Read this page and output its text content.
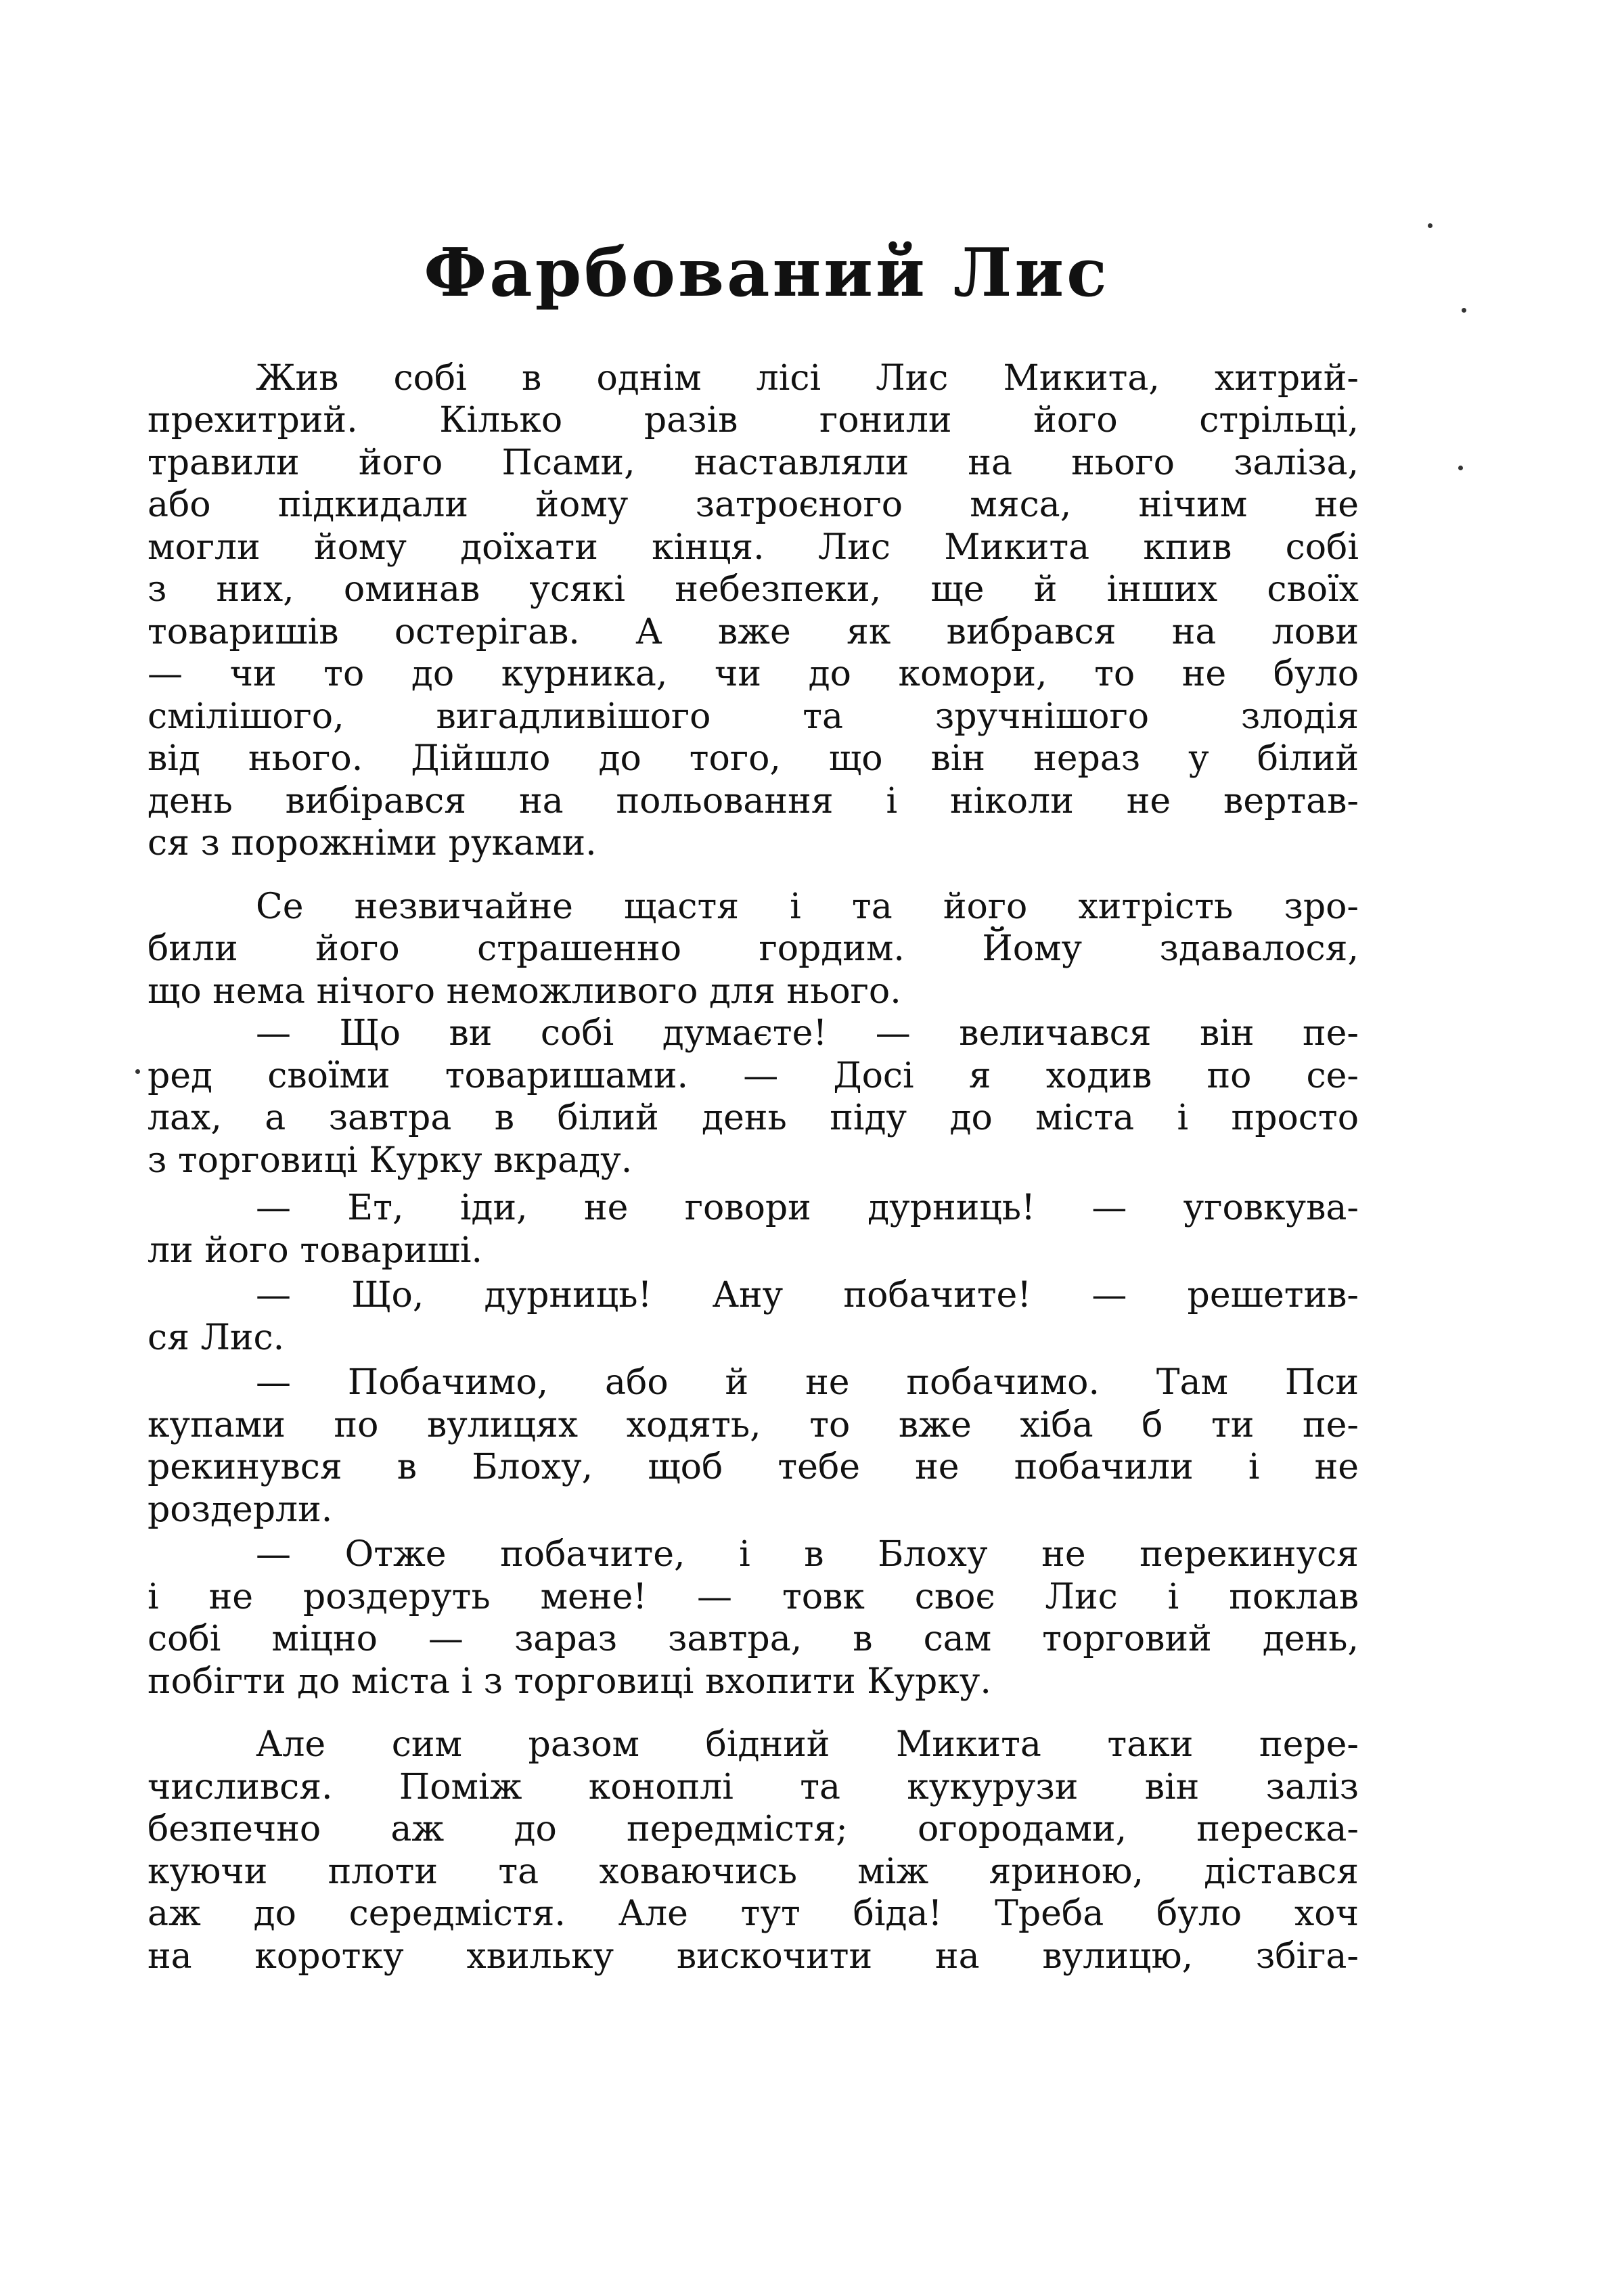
Фарбований Лис
Жив собі в однім лісі Лис Микита, хитрий-
прехитрий. Кілько разів гонили його стрільці,
травили його Псами, наставляли на нього заліза,
або підкидали йому затроєного мяса, нічим не
могли йому доїхати кінця. Лис Микита кпив собі
з них, оминав усякі небезпеки, ще й інших своїх
товаришів остерігав. А вже як вибрався на лови
— чи то до курника, чи до комори, то не було
смілішого, вигадливішого та зручнішого злодія
від нього. Дійшло до того, що він нераз у білий
день вибірався на польовання і ніколи не вертав-
ся з порожніми руками.
Се незвичайне щастя і та його хитрість зро-
били його страшенно гордим. Йому здавалося,
що нема нічого неможливого для нього.
— Що ви собі думаєте! — величався він пе-
ред своїми товаришами. — Досі я ходив по се-
лах, а завтра в білий день піду до міста і просто
з торговиці Курку вкраду.
— Ет, іди, не говори дурниць! — уговкува-
ли його товариші.
— Що, дурниць! Ану побачите! — решетив-
ся Лис.
— Побачимо, або й не побачимо. Там Пси
купами по вулицях ходять, то вже хіба б ти пе-
рекинувся в Блоху, щоб тебе не побачили і не
роздерли.
— Отже побачите, і в Блоху не перекинуся
і не роздеруть мене! — товк своє Лис і поклав
собі міцно — зараз завтра, в сам торговий день,
побігти до міста і з торговиці вхопити Курку.
Але сим разом бідний Микита таки пере-
числився. Поміж коноплі та кукурузи він заліз
безпечно аж до передмістя; огородами, переска-
куючи плоти та ховаючись між яриною, дістався
аж до середмістя. Але тут біда! Треба було хоч
на коротку хвильку вискочити на вулицю, збіга-
